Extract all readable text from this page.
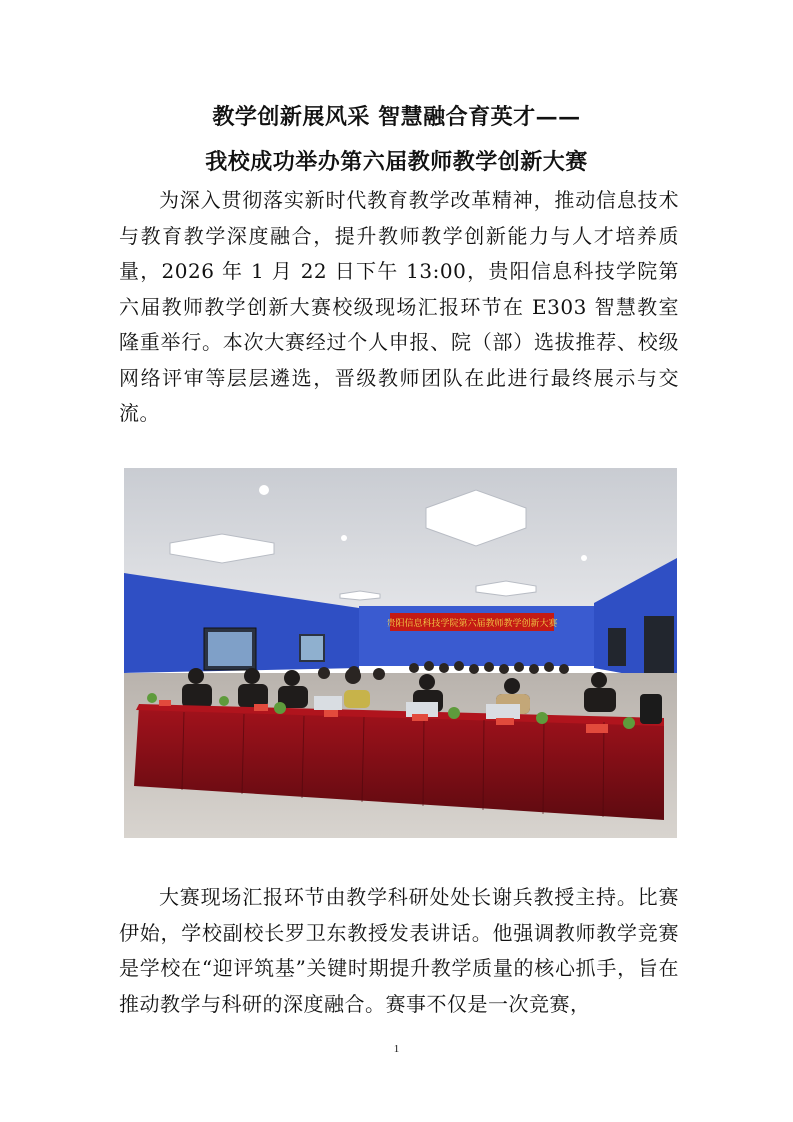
教学创新展风采 智慧融合育英才——
我校成功举办第六届教师教学创新大赛
为深入贯彻落实新时代教育教学改革精神，推动信息技术与教育教学深度融合，提升教师教学创新能力与人才培养质量，2026 年 1 月 22 日下午 13:00，贵阳信息科技学院第六届教师教学创新大赛校级现场汇报环节在 E303 智慧教室隆重举行。本次大赛经过个人申报、院（部）选拔推荐、校级网络评审等层层遴选，晋级教师团队在此进行最终展示与交流。
贵阳信息科技学院第六届教师教学创新大赛
大赛现场汇报环节由教学科研处处长谢兵教授主持。比赛伊始，学校副校长罗卫东教授发表讲话。他强调教师教学竞赛是学校在“迎评筑基”关键时期提升教学质量的核心抓手，旨在推动教学与科研的深度融合。赛事不仅是一次竞赛，
1
